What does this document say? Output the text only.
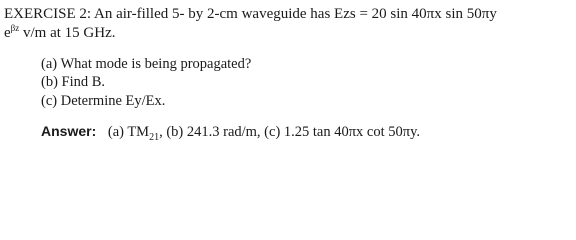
EXERCISE 2: An air-filled 5- by 2-cm waveguide has Ezs = 20 sin 40πx sin 50πy
$e^{\beta z}$ v/m at 15 GHz.
(a) What mode is being propagated?
(b) Find B.
(c) Determine Ey/Ex.
Answer: (a) $TM_{21}$, (b) 241.3 rad/m, (c) 1.25 tan 40πx cot 50πy.
